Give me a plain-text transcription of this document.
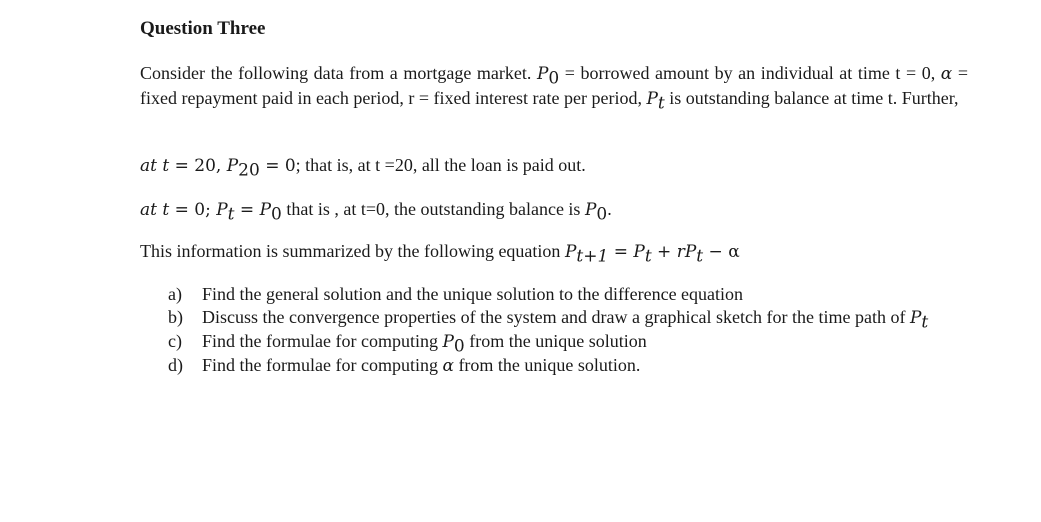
Question Three
Consider the following data from a mortgage market. $P_0$ = borrowed amount by an individual at time t = 0, α = fixed repayment paid in each period, r = fixed interest rate per period, $P_t$ is outstanding balance at time t. Further,
at t = 20, $P_{20} = 0$; that is, at t =20, all the loan is paid out.
at t = 0; $P_t = P_0$ that is , at t=0, the outstanding balance is $P_0$.
This information is summarized by the following equation $P_{t+1} = P_t + rP_t - \alpha$
a) Find the general solution and the unique solution to the difference equation
b) Discuss the convergence properties of the system and draw a graphical sketch for the time path of $P_t$
c) Find the formulae for computing $P_0$ from the unique solution
d) Find the formulae for computing α from the unique solution.
